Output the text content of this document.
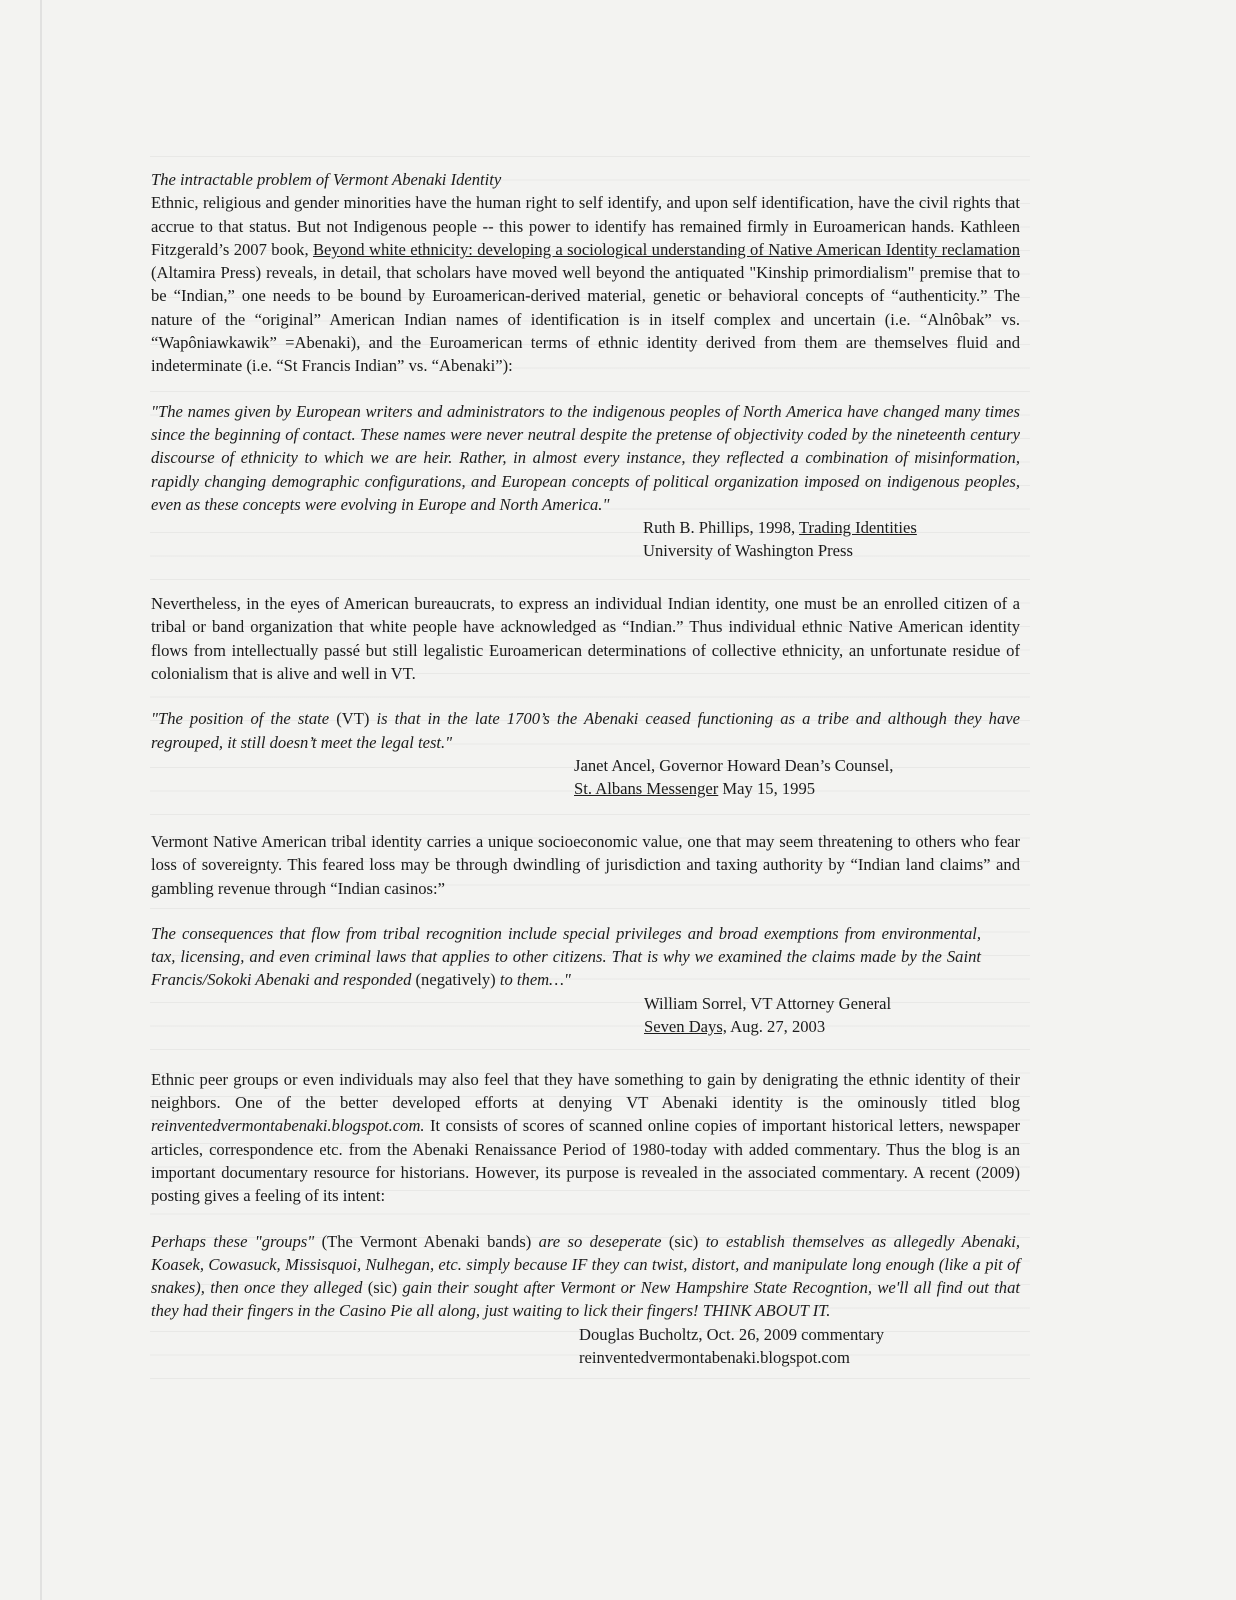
The intractable problem of Vermont Abenaki Identity

Ethnic, religious and gender minorities have the human right to self identify, and upon self identification, have the civil rights that accrue to that status. But not Indigenous people -- this power to identify has remained firmly in Euroamerican hands. Kathleen Fitzgerald’s 2007 book, Beyond white ethnicity: developing a sociological understanding of Native American Identity reclamation (Altamira Press) reveals, in detail, that scholars have moved well beyond the antiquated "Kinship primordialism" premise that to be “Indian,” one needs to be bound by Euroamerican-derived material, genetic or behavioral concepts of “authenticity.” The nature of the “original” American Indian names of identification is in itself complex and uncertain (i.e. “Alnôbak” vs. “Wapôniawkawik” =Abenaki), and the Euroamerican terms of ethnic identity derived from them are themselves fluid and indeterminate (i.e. “St Francis Indian” vs. “Abenaki”):

"The names given by European writers and administrators to the indigenous peoples of North America have changed many times since the beginning of contact. These names were never neutral despite the pretense of objectivity coded by the nineteenth century discourse of ethnicity to which we are heir. Rather, in almost every instance, they reflected a combination of misinformation, rapidly changing demographic configurations, and European concepts of political organization imposed on indigenous peoples, even as these concepts were evolving in Europe and North America."

Ruth B. Phillips, 1998, Trading Identities
University of Washington Press

Nevertheless, in the eyes of American bureaucrats, to express an individual Indian identity, one must be an enrolled citizen of a tribal or band organization that white people have acknowledged as “Indian.” Thus individual ethnic Native American identity flows from intellectually passé but still legalistic Euroamerican determinations of collective ethnicity, an unfortunate residue of colonialism that is alive and well in VT.

"The position of the state (VT) is that in the late 1700’s the Abenaki ceased functioning as a tribe and although they have regrouped, it still doesn’t meet the legal test."

Janet Ancel, Governor Howard Dean’s Counsel,
St. Albans Messenger May 15, 1995

Vermont Native American tribal identity carries a unique socioeconomic value, one that may seem threatening to others who fear loss of sovereignty. This feared loss may be through dwindling of jurisdiction and taxing authority by “Indian land claims” and gambling revenue through “Indian casinos:”

The consequences that flow from tribal recognition include special privileges and broad exemptions from environmental, tax, licensing, and even criminal laws that applies to other citizens. That is why we examined the claims made by the Saint Francis/Sokoki Abenaki and responded (negatively) to them…"

William Sorrel, VT Attorney General
Seven Days, Aug. 27, 2003

Ethnic peer groups or even individuals may also feel that they have something to gain by denigrating the ethnic identity of their neighbors. One of the better developed efforts at denying VT Abenaki identity is the ominously titled blog reinventedvermontabenaki.blogspot.com. It consists of scores of scanned online copies of important historical letters, newspaper articles, correspondence etc. from the Abenaki Renaissance Period of 1980-today with added commentary. Thus the blog is an important documentary resource for historians. However, its purpose is revealed in the associated commentary. A recent (2009) posting gives a feeling of its intent:

Perhaps these "groups" (The Vermont Abenaki bands) are so deseperate (sic) to establish themselves as allegedly Abenaki, Koasek, Cowasuck, Missisquoi, Nulhegan, etc. simply because IF they can twist, distort, and manipulate long enough (like a pit of snakes), then once they alleged (sic) gain their sought after Vermont or New Hampshire State Recogntion, we'll all find out that they had their fingers in the Casino Pie all along, just waiting to lick their fingers! THINK ABOUT IT.

Douglas Bucholtz, Oct. 26, 2009 commentary
reinventedvermontabenaki.blogspot.com
